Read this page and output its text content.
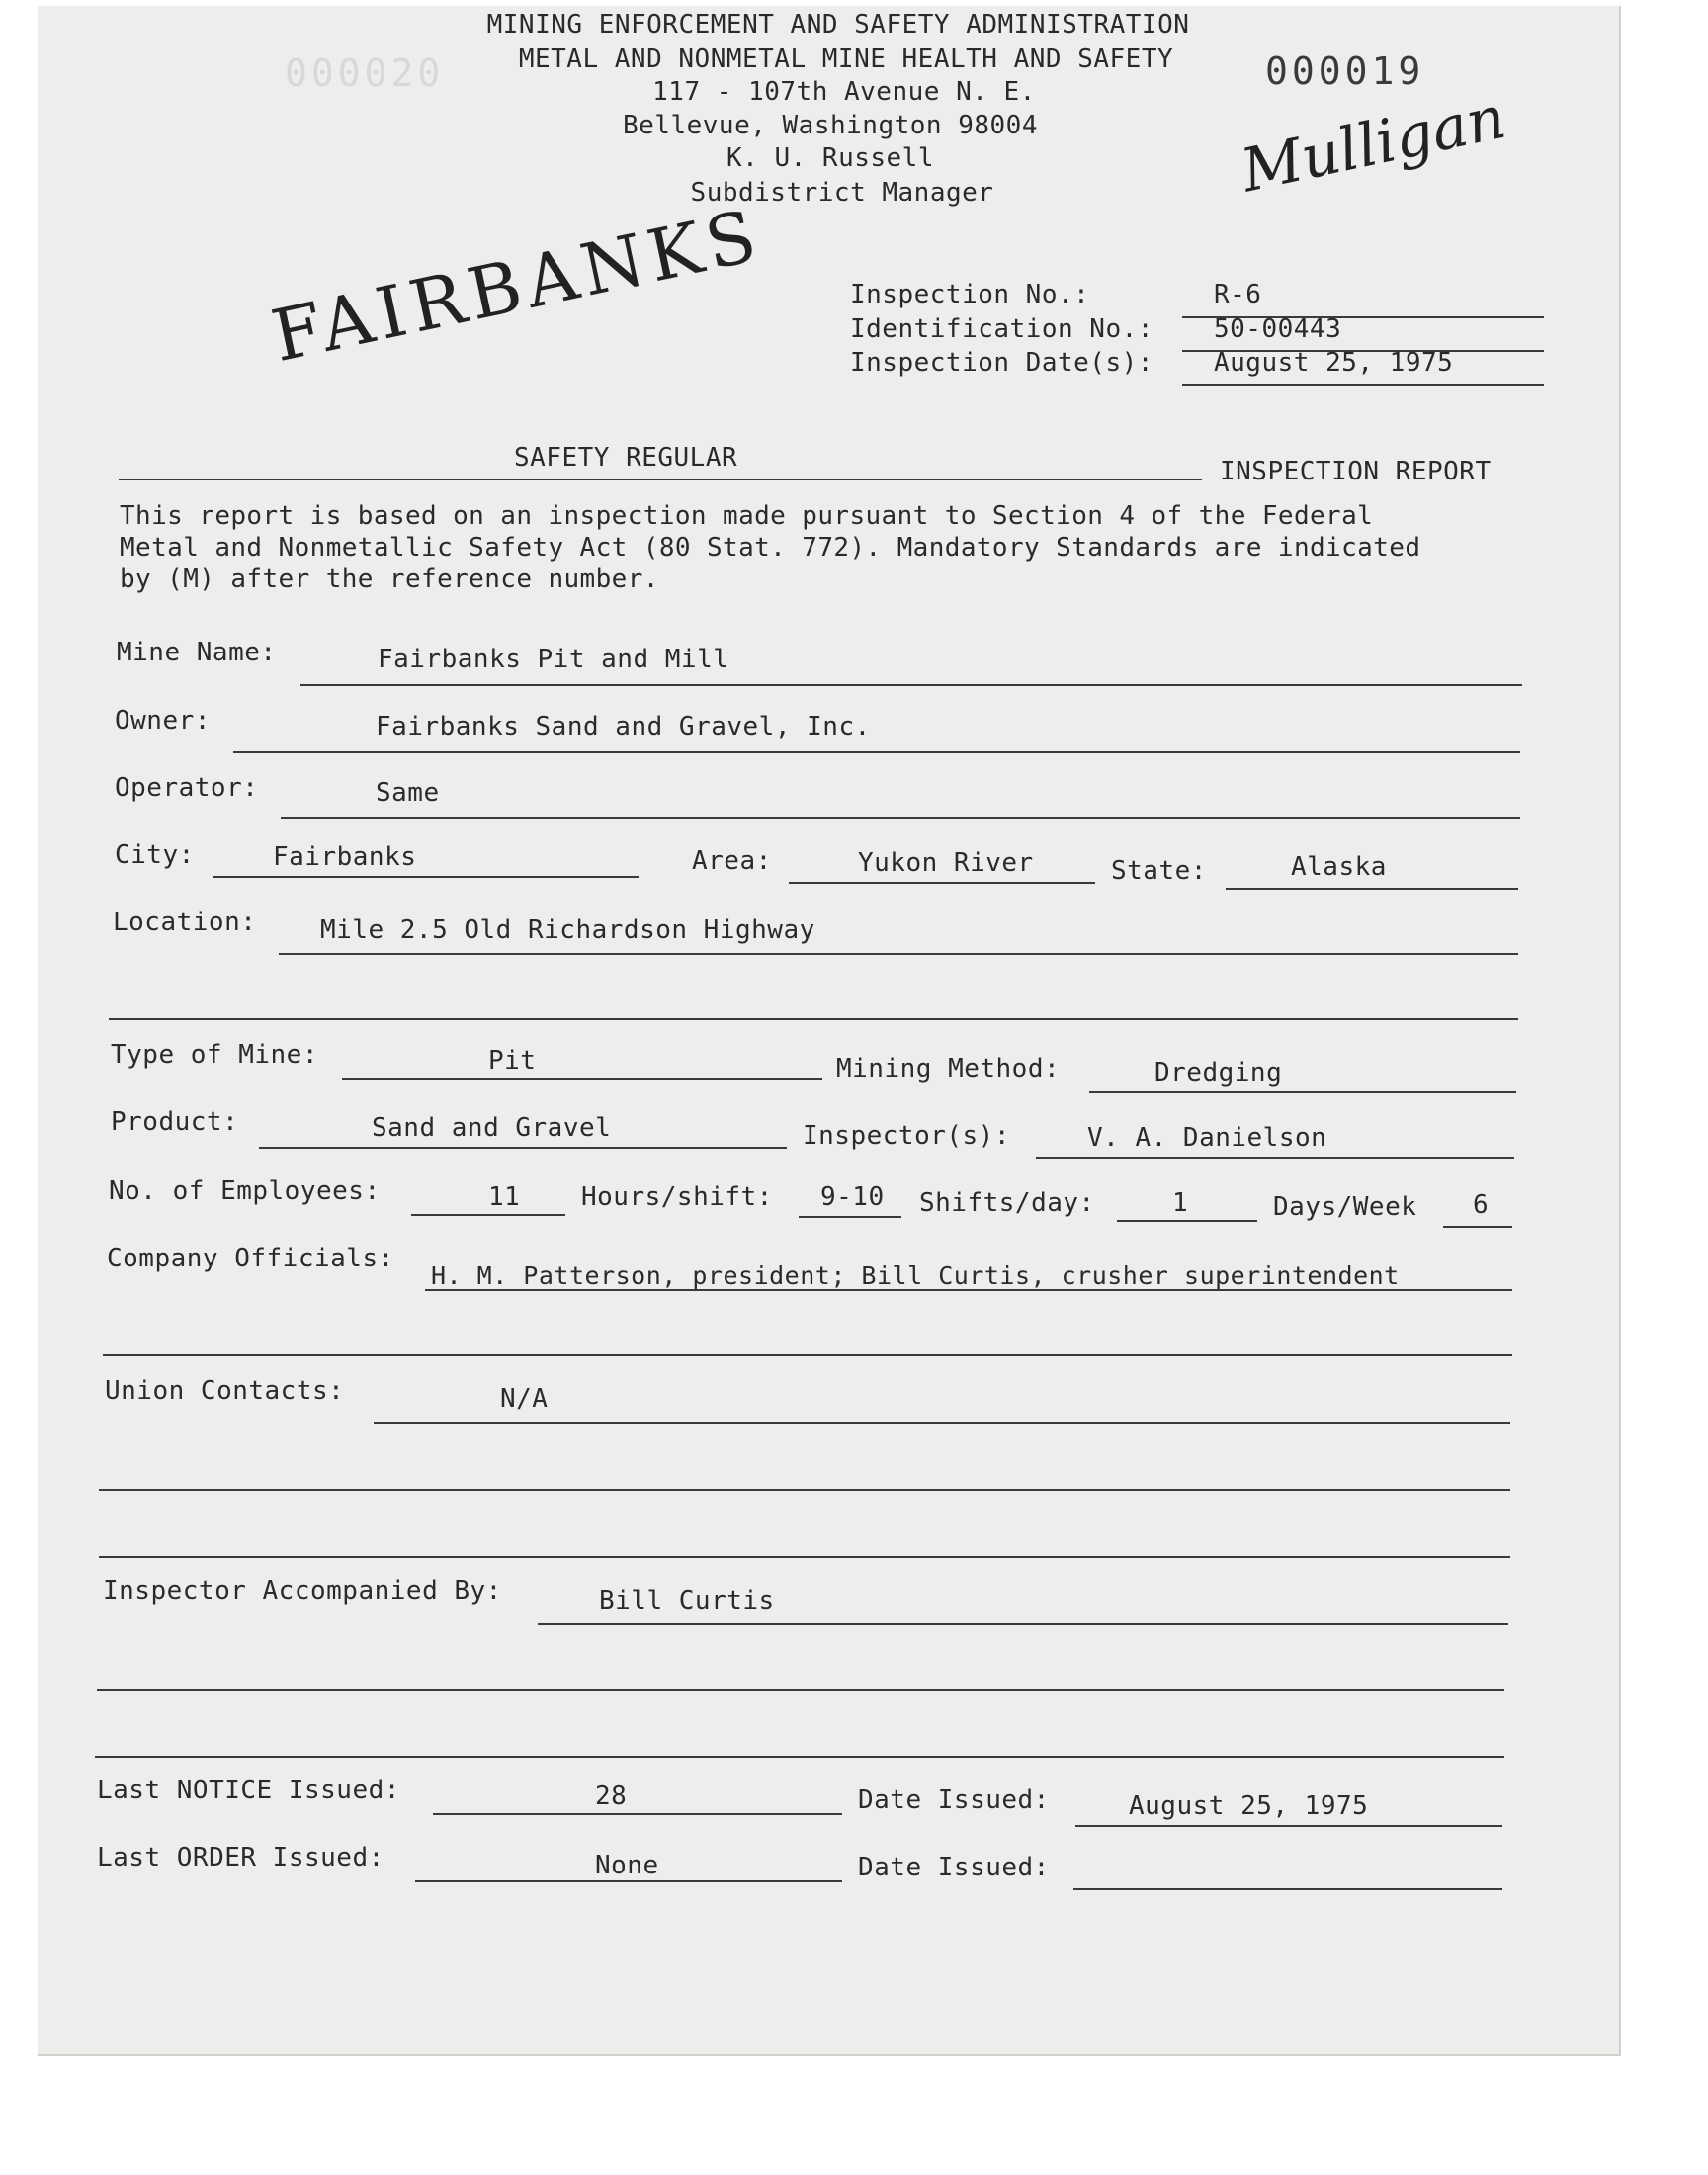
MINING ENFORCEMENT AND SAFETY ADMINISTRATION
METAL AND NONMETAL MINE HEALTH AND SAFETY
117 - 107th Avenue N. E.
Bellevue, Washington 98004
K. U. Russell
Subdistrict Manager
000020	000019
Mulligan
FAIRBANKS	Inspection No.:	R-6
Identification No.: 50-00443
Inspection Date(s): August 25, 1975
SAFETY REGULAR	INSPECTION REPORT
This report is based on an inspection made pursuant to Section 4 of the Federal
Metal and Nonmetallic Safety Act (80 Stat. 772). Mandatory Standards are indicated
by (M) after the reference number.
Mine Name:	Fairbanks Pit and Mill
Owner:	Fairbanks Sand and Gravel, Inc.
Operator:	Same
City:	Fairbanks	Area:	Yukon River	State:	Alaska
Location: Mile 2.5 Old Richardson Highway
Type of Mine:	Pit	Mining Method:	Dredging
Product:	Sand and Gravel	Inspector(s):	V. A. Danielson
No. of Employees:	11 Hours/shift: 9-10 Shifts/day:	1	Days/Week 6
Company Officials:
H. M. Patterson, president; Bill Curtis, crusher superintendent
Union Contacts:	N/A
Inspector Accompanied By:	Bill Curtis
Last NOTICE Issued:	28	Date Issued:	August 25, 1975
Last ORDER Issued:	None	Date Issued:
